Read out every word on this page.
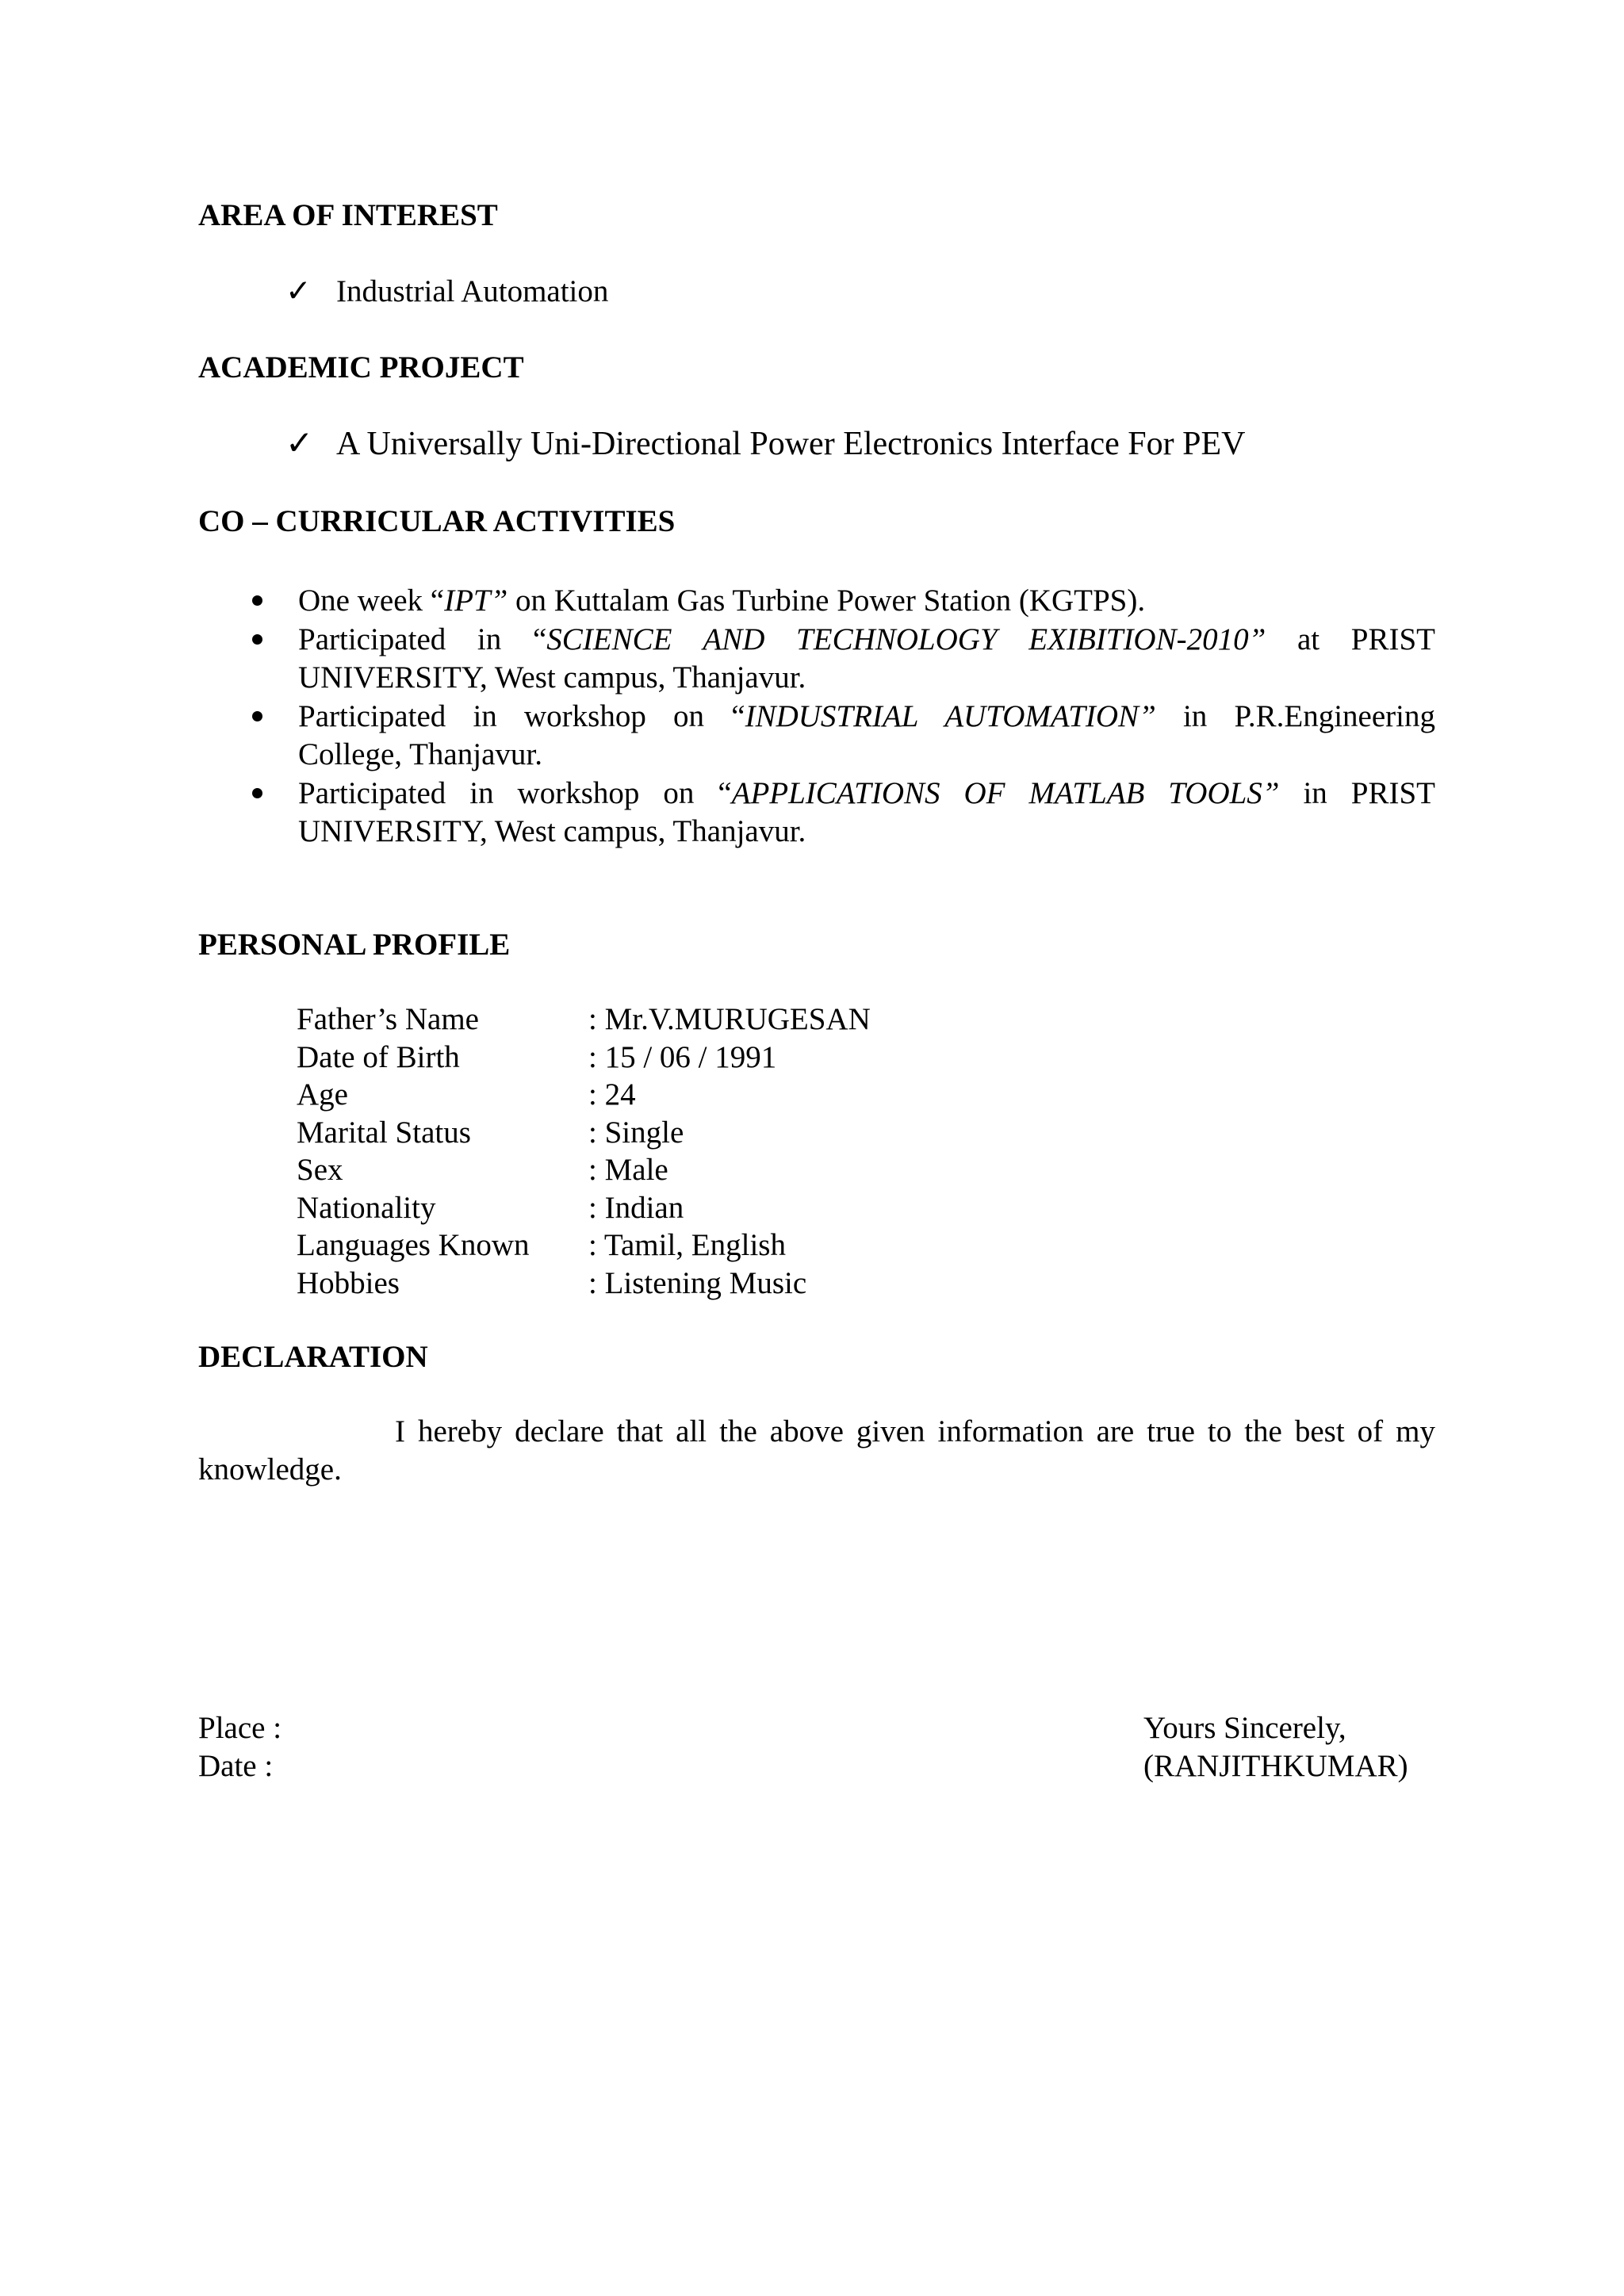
AREA OF INTEREST
✓ Industrial Automation
ACADEMIC PROJECT
✓ A Universally Uni-Directional Power Electronics Interface For PEV
CO – CURRICULAR ACTIVITIES
One week “IPT” on Kuttalam Gas Turbine Power Station (KGTPS).
Participated in “SCIENCE AND TECHNOLOGY EXIBITION-2010” at PRIST
UNIVERSITY, West campus, Thanjavur.
Participated in workshop on “INDUSTRIAL AUTOMATION” in P.R.Engineering
College, Thanjavur.
Participated in workshop on “APPLICATIONS OF MATLAB TOOLS” in PRIST
UNIVERSITY, West campus, Thanjavur.
PERSONAL PROFILE
Father’s Name	: Mr.V.MURUGESAN
Date of Birth	: 15 / 06 / 1991
Age	: 24
Marital Status	: Single
Sex	: Male
Nationality	: Indian
Languages Known : Tamil, English
Hobbies	: Listening Music
DECLARATION
I hereby declare that all the above given information are true to the best of my
knowledge.
Place :
Date :
Yours Sincerely,
(RANJITHKUMAR)
